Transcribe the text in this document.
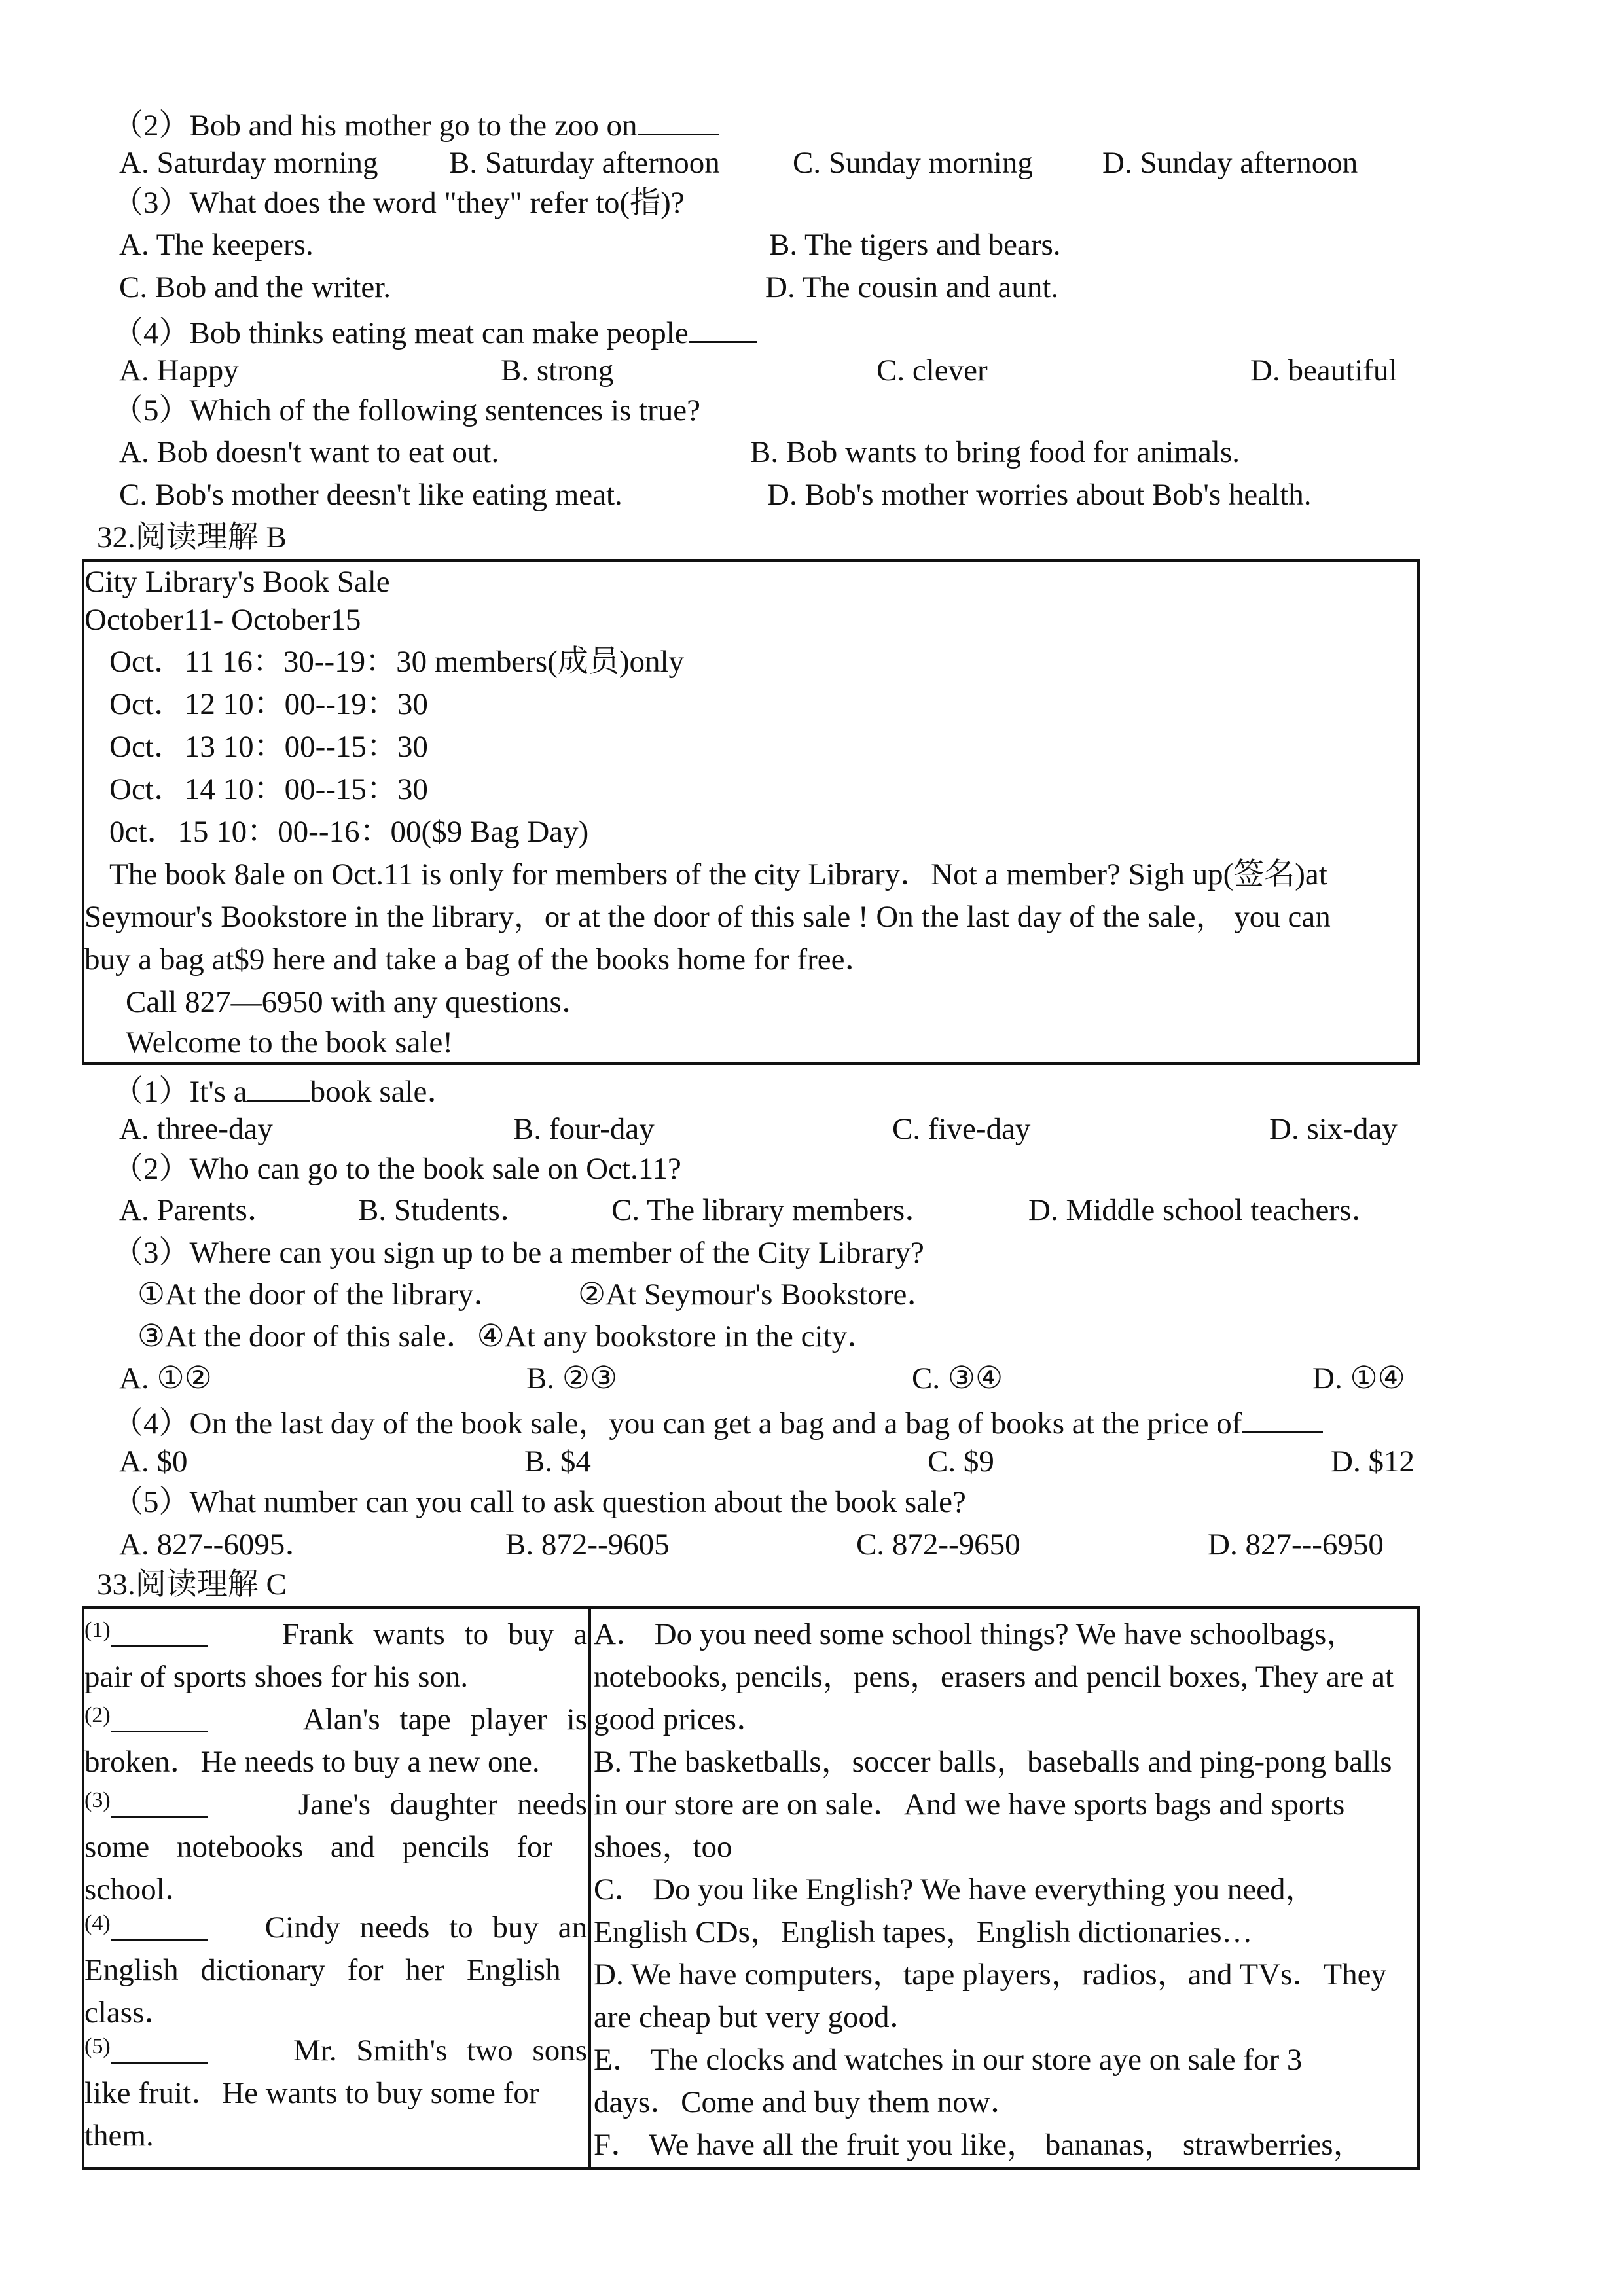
（2）Bob and his mother go to the zoo on
A. Saturday morning B. Saturday afternoon C. Sunday morning D. Sunday afternoon
（3）What does the word "they" refer to(指)?
A. The keepers.	B. The tigers and bears.
C. Bob and the writer.	D. The cousin and aunt.
（4）Bob thinks eating meat can make people
A. Happy	B. strong	C. clever	D. beautiful
（5）Which of the following sentences is true?
A. Bob doesn't want to eat out.	B. Bob wants to bring food for animals.
C. Bob's mother deesn't like eating meat.	D. Bob's mother worries about Bob's health.
32.阅读理解 B
City Library's Book Sale
October11- October15
Oct．11 16：30--19：30 members(成员)only
Oct．12 10：00--19：30
Oct．13 10：00--15：30
Oct．14 10：00--15：30
0ct．15 10：00--16：00($9 Bag Day)
The book 8ale on Oct.11 is only for members of the city Library．Not a member? Sigh up(签名)at
Seymour's Bookstore in the library，or at the door of this sale ! On the last day of the sale， you can
buy a bag at$9 here and take a bag of the books home for free．
Call 827—6950 with any questions．
Welcome to the book sale!
（1）It's a book sale．
A. three-day	B. four-day	C. five-day	D. six-day
（2）Who can go to the book sale on Oct.11?
A. Parents．	B. Students．	C. The library members．	D. Middle school teachers．
（3）Where can you sign up to be a member of the City Library?
①At the door of the library． ②At Seymour's Bookstore．
③At the door of this sale．④At any bookstore in the city．
A. ①②	B. ②③	C. ③④	D. ①④
（4）On the last day of the book sale，you can get a bag and a bag of books at the price of
A. $0	B. $4	C. $9	D. $12
（5）What number can you call to ask question about the book sale?
A. 827--6095．	B. 872--9605	C. 872--9650	D. 827---6950
33.阅读理解 C
$^{(1)}$	Frank wants to buy a
pair of sports shoes for his son.
$^{(2)}$	Alan's tape player is
broken．He needs to buy a new one.
$^{(3)}$	Jane's daughter needs
some notebooks and pencils for
school．
$^{(4)}$	Cindy needs to buy an
English dictionary for her English
class．
$^{(5)}$	Mr. Smith's two sons
like fruit．He wants to buy some for
them.
A． Do you need some school things? We have schoolbags，
notebooks, pencils，pens，erasers and pencil boxes, They are at
good prices．
B. The basketballs，soccer balls，baseballs and ping-pong balls
in our store are on sale．And we have sports bags and sports
shoes，too
C． Do you like English? We have everything you need，
English CDs，English tapes，English dictionaries…
D. We have computers，tape players，radios，and TVs．They
are cheap but very good．
E． The clocks and watches in our store aye on sale for 3
days．Come and buy them now．
F． We have all the fruit you like， bananas， strawberries，
